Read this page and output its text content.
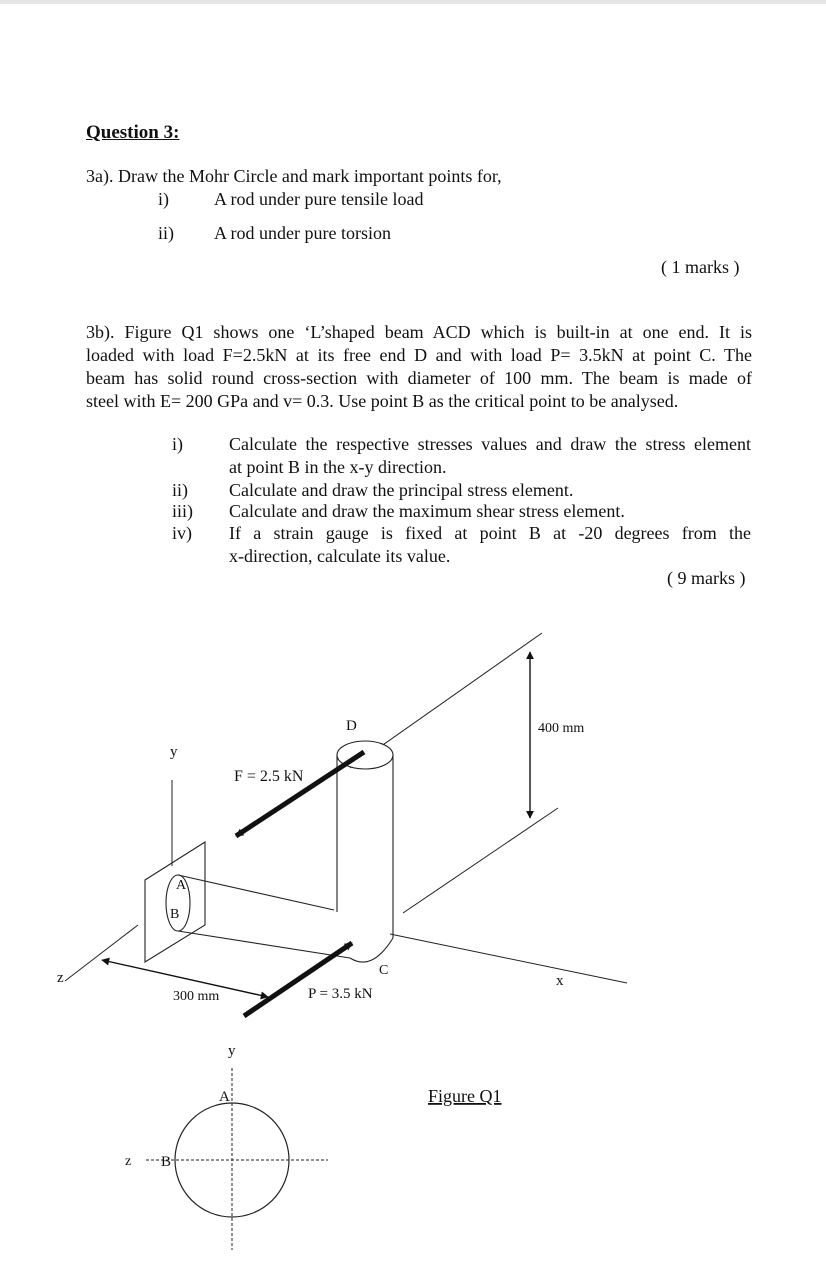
Question 3:
3a). Draw the Mohr Circle and mark important points for,
i)	A rod under pure tensile load
ii) A rod under pure torsion
( 1 marks )
3b). Figure Q1 shows one ‘L’shaped beam ACD which is built-in at one end. It is
loaded with load F=2.5kN at its free end D and with load P= 3.5kN at point C. The
beam has solid round cross-section with diameter of 100 mm. The beam is made of
steel with E= 200 GPa and v= 0.3. Use point B as the critical point to be analysed.
i)	Calculate the respective stresses values and draw the stress element
at point B in the x-y direction.
ii) Calculate and draw the principal stress element.
iii) Calculate and draw the maximum shear stress element.
iv) If a strain gauge is fixed at point B at -20 degrees from the
x-direction, calculate its value.
( 9 marks )
D	400 mm
y
F = 2.5 kN
A
B
C
z	x
300 mm	P = 3.5 kN
y
A
z B
Figure Q1
